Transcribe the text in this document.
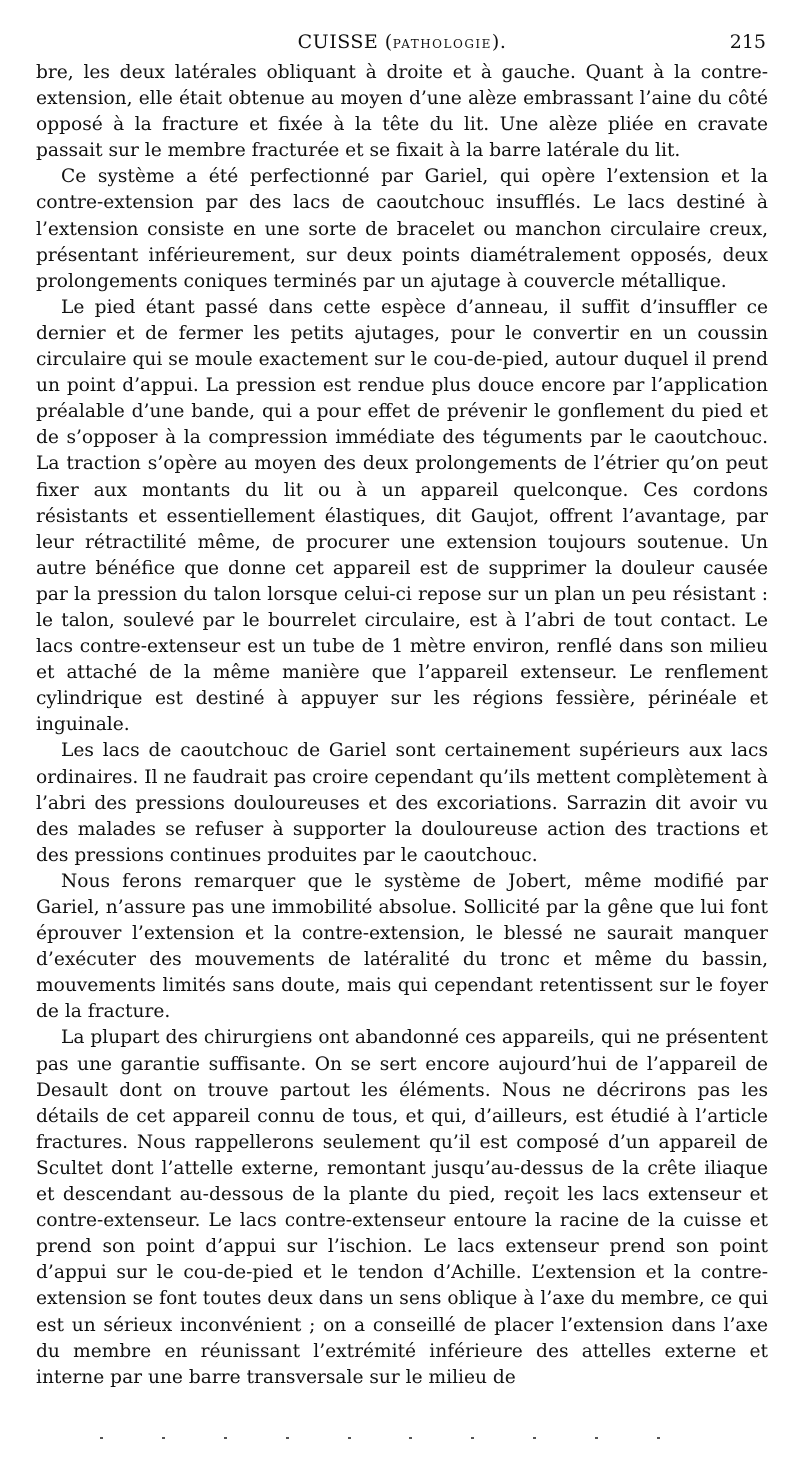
CUISSE (PATHOLOGIE).	215

bre, les deux latérales obliquant à droite et à gauche. Quant à la contre-extension, elle était obtenue au moyen d’une alèze embrassant l’aine du côté opposé à la fracture et fixée à la tête du lit. Une alèze pliée en cravate passait sur le membre fracturée et se fixait à la barre latérale du lit.

Ce système a été perfectionné par Gariel, qui opère l’extension et la contre-extension par des lacs de caoutchouc insufflés. Le lacs destiné à l’extension consiste en une sorte de bracelet ou manchon circulaire creux, présentant inférieurement, sur deux points diamétralement opposés, deux prolongements coniques terminés par un ajutage à couvercle métallique.

Le pied étant passé dans cette espèce d’anneau, il suffit d’insuffler ce dernier et de fermer les petits ajutages, pour le convertir en un coussin circulaire qui se moule exactement sur le cou-de-pied, autour duquel il prend un point d’appui. La pression est rendue plus douce encore par l’application préalable d’une bande, qui a pour effet de prévenir le gonflement du pied et de s’opposer à la compression immédiate des téguments par le caoutchouc. La traction s’opère au moyen des deux prolongements de l’étrier qu’on peut fixer aux montants du lit ou à un appareil quelconque. Ces cordons résistants et essentiellement élastiques, dit Gaujot, offrent l’avantage, par leur rétractilité même, de procurer une extension toujours soutenue. Un autre bénéfice que donne cet appareil est de supprimer la douleur causée par la pression du talon lorsque celui-ci repose sur un plan un peu résistant : le talon, soulevé par le bourrelet circulaire, est à l’abri de tout contact. Le lacs contre-extenseur est un tube de 1 mètre environ, renflé dans son milieu et attaché de la même manière que l’appareil extenseur. Le renflement cylindrique est destiné à appuyer sur les régions fessière, périnéale et inguinale.

Les lacs de caoutchouc de Gariel sont certainement supérieurs aux lacs ordinaires. Il ne faudrait pas croire cependant qu’ils mettent complètement à l’abri des pressions douloureuses et des excoriations. Sarrazin dit avoir vu des malades se refuser à supporter la douloureuse action des tractions et des pressions continues produites par le caoutchouc.

Nous ferons remarquer que le système de Jobert, même modifié par Gariel, n’assure pas une immobilité absolue. Sollicité par la gêne que lui font éprouver l’extension et la contre-extension, le blessé ne saurait manquer d’exécuter des mouvements de latéralité du tronc et même du bassin, mouvements limités sans doute, mais qui cependant retentissent sur le foyer de la fracture.

La plupart des chirurgiens ont abandonné ces appareils, qui ne présentent pas une garantie suffisante. On se sert encore aujourd’hui de l’appareil de Desault dont on trouve partout les éléments. Nous ne décrirons pas les détails de cet appareil connu de tous, et qui, d’ailleurs, est étudié à l’article fractures. Nous rappellerons seulement qu’il est composé d’un appareil de Scultet dont l’attelle externe, remontant jusqu’au-dessus de la crête iliaque et descendant au-dessous de la plante du pied, reçoit les lacs extenseur et contre-extenseur. Le lacs contre-extenseur entoure la racine de la cuisse et prend son point d’appui sur l’ischion. Le lacs extenseur prend son point d’appui sur le cou-de-pied et le tendon d’Achille. L’extension et la contre-extension se font toutes deux dans un sens oblique à l’axe du membre, ce qui est un sérieux inconvénient ; on a conseillé de placer l’extension dans l’axe du membre en réunissant l’extrémité inférieure des attelles externe et interne par une barre transversale sur le milieu de
